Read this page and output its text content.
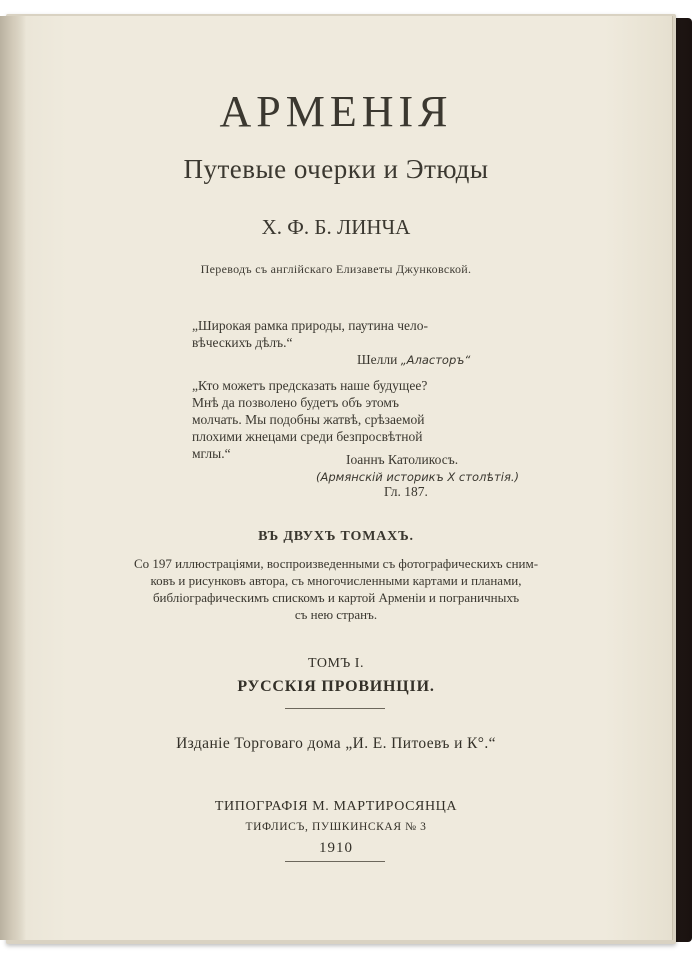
АРМЕНІЯ
Путевые очерки и Этюды
Х. Ф. Б. ЛИНЧА
Переводъ съ англійскаго Елизаветы Джунковской.
„Широкая рамка природы, паутина чело-
вѣческихъ дѣлъ.“
Шелли „Аласторъ“
„Кто можетъ предсказать наше будущее?
Мнѣ да позволено будетъ объ этомъ
молчать. Мы подобны жатвѣ, срѣзаемой
плохими жнецами среди безпросвѣтной
мглы.“	Іоаннъ Католикосъ.
(Армянскій историкъ X столѣтія.)
Гл. 187.
ВЪ ДВУХЪ ТОМАХЪ.
Со 197 иллюстраціями, воспроизведенными съ фотографическихъ сним-
ковъ и рисунковъ автора, съ многочисленными картами и планами,
библіографическимъ спискомъ и картой Арменіи и пограничныхъ
съ нею странъ.
ТОМЪ I.
РУССКІЯ ПРОВИНЦІИ.
Изданіе Торговаго дома „И. Е. Питоевъ и К°.“
ТИПОГРАФІЯ М. МАРТИРОСЯНЦА
ТИФЛИСЪ, ПУШКИНСКАЯ № 3
1910
